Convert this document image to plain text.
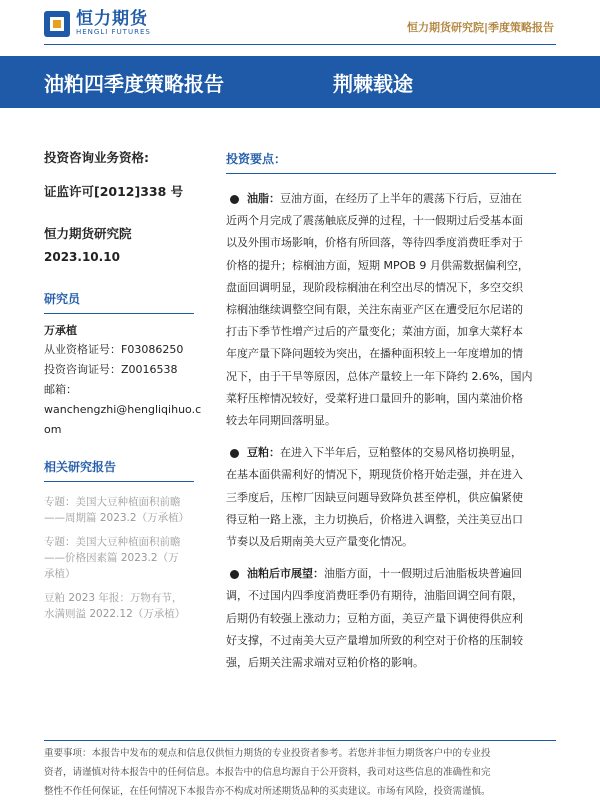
恒力期货
HENGLI FUTURES	恒力期货研究院|季度策略报告
油粕四季度策略报告	荆棘载途
投资咨询业务资格:
证监许可[2012]338 号
恒力期货研究院
2023.10.10
研究员
万承植
从业资格证号：F03086250
投资咨询证号：Z0016538
邮箱：
wanchengzhi@hengliqihuo.c
om
相关研究报告
专题：美国大豆种植面积前瞻
——周期篇 2023.2（万承植）
专题：美国大豆种植面积前瞻
——价格因素篇 2023.2（万
承植）
豆粕 2023 年报：万物有节，
水满则溢 2022.12（万承植）
投资要点：
油脂：豆油方面，在经历了上半年的震荡下行后，豆油在
近两个月完成了震荡触底反弹的过程，十一假期过后受基本面
以及外围市场影响，价格有所回落，等待四季度消费旺季对于
价格的提升；棕榈油方面，短期 MPOB 9 月供需数据偏利空，
盘面回调明显，现阶段棕榈油在利空出尽的情况下，多空交织
棕榈油继续调整空间有限，关注东南亚产区在遭受厄尔尼诺的
打击下季节性增产过后的产量变化；菜油方面，加拿大菜籽本
年度产量下降问题较为突出，在播种面积较上一年度增加的情
况下，由于干旱等原因，总体产量较上一年下降约 2.6%，国内
菜籽压榨情况较好，受菜籽进口量回升的影响，国内菜油价格
较去年同期回落明显。
豆粕：在进入下半年后，豆粕整体的交易风格切换明显，
在基本面供需利好的情况下，期现货价格开始走强，并在进入
三季度后，压榨厂因缺豆问题导致降负甚至停机，供应偏紧使
得豆粕一路上涨，主力切换后，价格进入调整，关注美豆出口
节奏以及后期南美大豆产量变化情况。
油粕后市展望：油脂方面，十一假期过后油脂板块普遍回
调，不过国内四季度消费旺季仍有期待，油脂回调空间有限，
后期仍有较强上涨动力；豆粕方面，美豆产量下调使得供应利
好支撑，不过南美大豆产量增加所致的利空对于价格的压制较
强，后期关注需求端对豆粕价格的影响。
重要事项：本报告中发布的观点和信息仅供恒力期货的专业投资者参考。若您并非恒力期货客户中的专业投
资者，请谨慎对待本报告中的任何信息。本报告中的信息均源自于公开资料，我司对这些信息的准确性和完
整性不作任何保证，在任何情况下本报告亦不构成对所述期货品种的买卖建议。市场有风险，投资需谨慎。
